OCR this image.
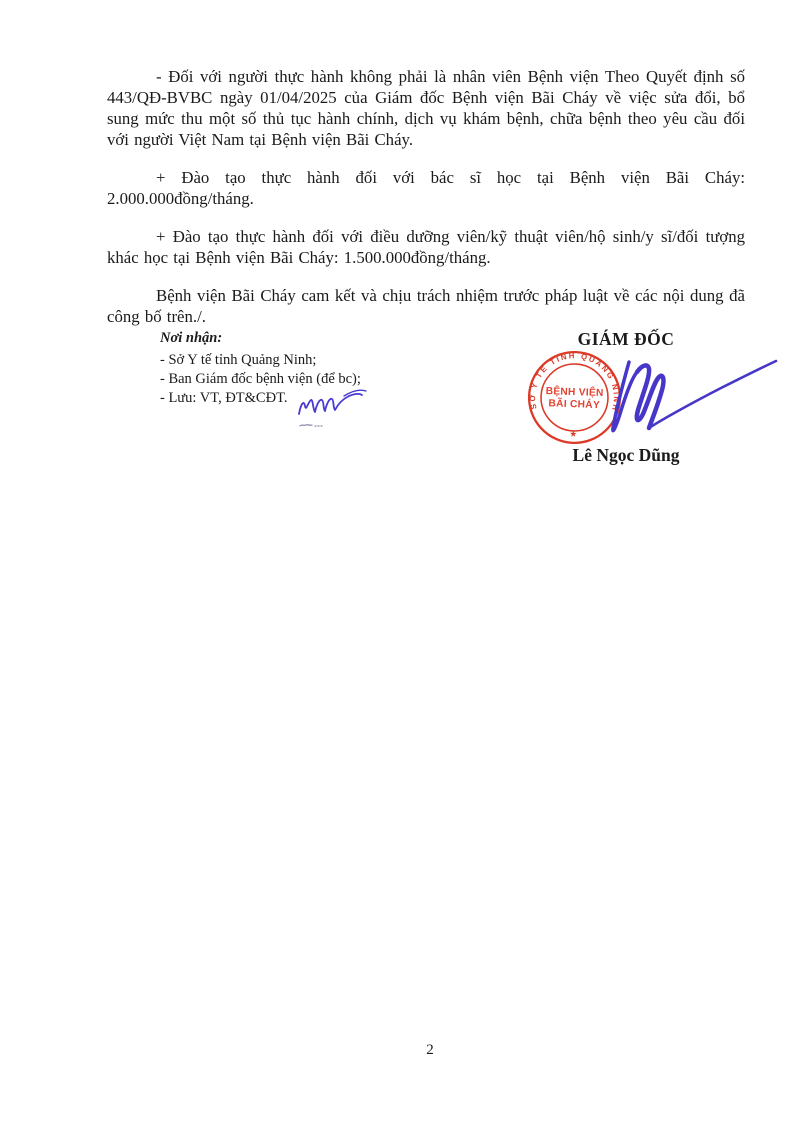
- Đối với người thực hành không phải là nhân viên Bệnh viện Theo Quyết định số 443/QĐ-BVBC ngày 01/04/2025 của Giám đốc Bệnh viện Bãi Cháy về việc sửa đổi, bổ sung mức thu một số thủ tục hành chính, dịch vụ khám bệnh, chữa bệnh theo yêu cầu đối với người Việt Nam tại Bệnh viện Bãi Cháy.

+ Đào tạo thực hành đối với bác sĩ học tại Bệnh viện Bãi Cháy: 2.000.000đồng/tháng.

+ Đào tạo thực hành đối với điều dưỡng viên/kỹ thuật viên/hộ sinh/y sĩ/đối tượng khác học tại Bệnh viện Bãi Cháy: 1.500.000đồng/tháng.

Bệnh viện Bãi Cháy cam kết và chịu trách nhiệm trước pháp luật về các nội dung đã công bố trên./.

Nơi nhận:
- Sở Y tế tỉnh Quảng Ninh;
- Ban Giám đốc bệnh viện (để bc);
- Lưu: VT, ĐT&CĐT.
GIÁM ĐỐC
SỞ Y TẾ TỈNH QUẢNG NINH
BỆNH VIỆN
BÃI CHÁY
★
Lê Ngọc Dũng
2
